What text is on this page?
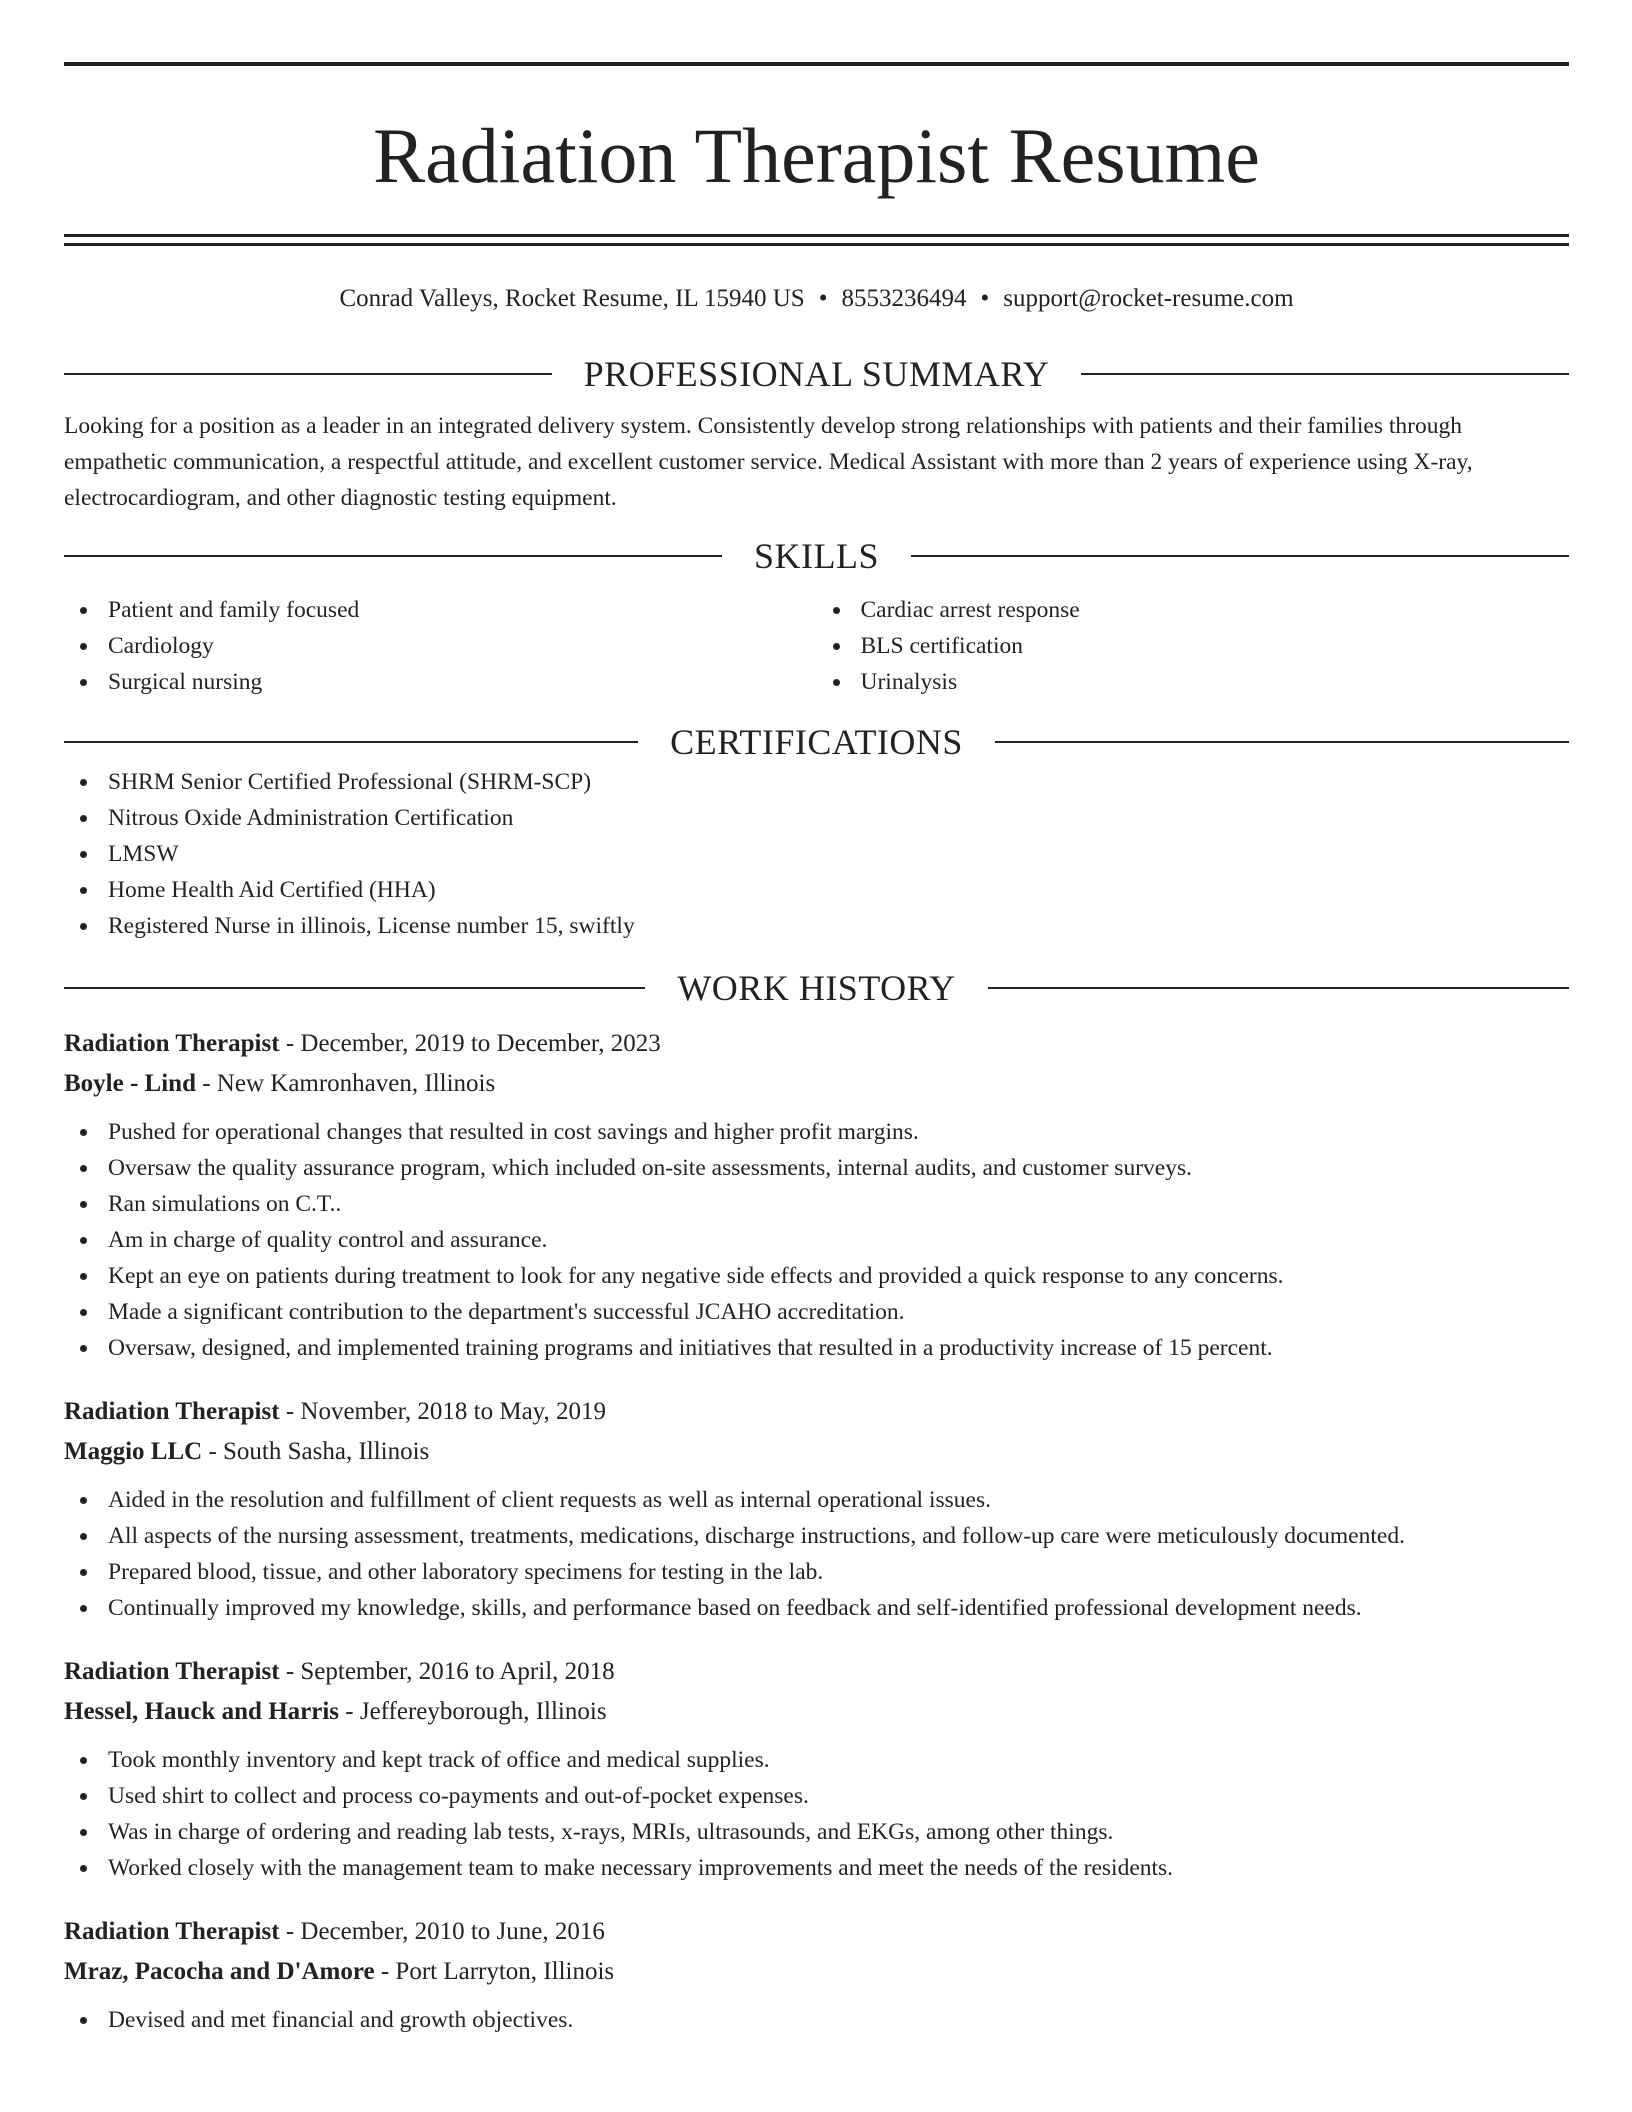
Radiation Therapist Resume
Conrad Valleys, Rocket Resume, IL 15940 US • 8553236494 • support@rocket-resume.com
PROFESSIONAL SUMMARY
Looking for a position as a leader in an integrated delivery system. Consistently develop strong relationships with patients and their families through empathetic communication, a respectful attitude, and excellent customer service. Medical Assistant with more than 2 years of experience using X-ray, electrocardiogram, and other diagnostic testing equipment.
SKILLS
Patient and family focused
Cardiology
Surgical nursing
Cardiac arrest response
BLS certification
Urinalysis
CERTIFICATIONS
SHRM Senior Certified Professional (SHRM-SCP)
Nitrous Oxide Administration Certification
LMSW
Home Health Aid Certified (HHA)
Registered Nurse in illinois, License number 15, swiftly
WORK HISTORY
Radiation Therapist - December, 2019 to December, 2023
Boyle - Lind - New Kamronhaven, Illinois
Pushed for operational changes that resulted in cost savings and higher profit margins.
Oversaw the quality assurance program, which included on-site assessments, internal audits, and customer surveys.
Ran simulations on C.T..
Am in charge of quality control and assurance.
Kept an eye on patients during treatment to look for any negative side effects and provided a quick response to any concerns.
Made a significant contribution to the department's successful JCAHO accreditation.
Oversaw, designed, and implemented training programs and initiatives that resulted in a productivity increase of 15 percent.
Radiation Therapist - November, 2018 to May, 2019
Maggio LLC - South Sasha, Illinois
Aided in the resolution and fulfillment of client requests as well as internal operational issues.
All aspects of the nursing assessment, treatments, medications, discharge instructions, and follow-up care were meticulously documented.
Prepared blood, tissue, and other laboratory specimens for testing in the lab.
Continually improved my knowledge, skills, and performance based on feedback and self-identified professional development needs.
Radiation Therapist - September, 2016 to April, 2018
Hessel, Hauck and Harris - Jeffereyborough, Illinois
Took monthly inventory and kept track of office and medical supplies.
Used shirt to collect and process co-payments and out-of-pocket expenses.
Was in charge of ordering and reading lab tests, x-rays, MRIs, ultrasounds, and EKGs, among other things.
Worked closely with the management team to make necessary improvements and meet the needs of the residents.
Radiation Therapist - December, 2010 to June, 2016
Mraz, Pacocha and D'Amore - Port Larryton, Illinois
Devised and met financial and growth objectives.
